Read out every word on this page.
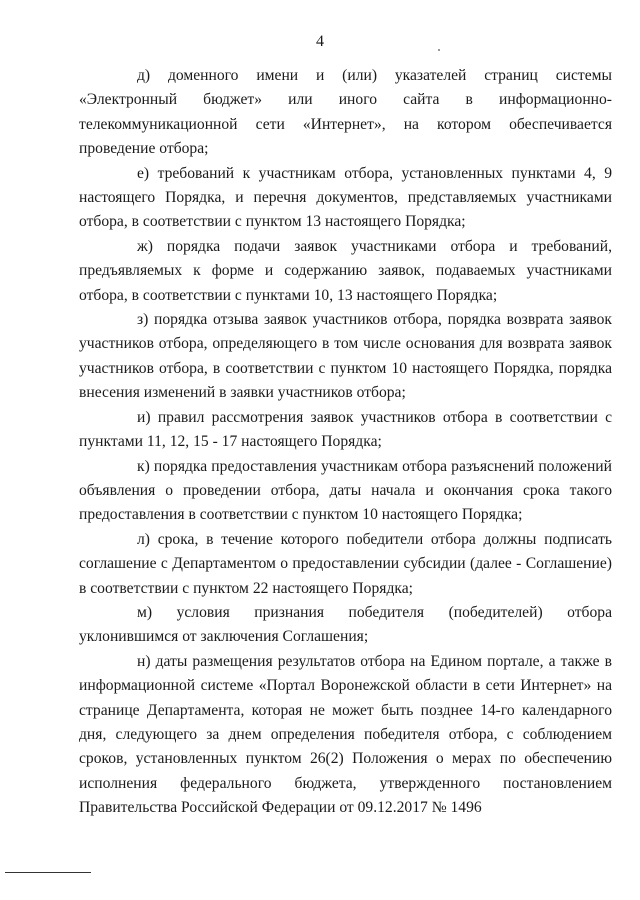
4

д) доменного имени и (или) указателей страниц системы «Электронный бюджет» или иного сайта в информационно-телекоммуникационной сети «Интернет», на котором обеспечивается проведение отбора;

е) требований к участникам отбора, установленных пунктами 4, 9 настоящего Порядка, и перечня документов, представляемых участниками отбора, в соответствии с пунктом 13 настоящего Порядка;

ж) порядка подачи заявок участниками отбора и требований, предъявляемых к форме и содержанию заявок, подаваемых участниками отбора, в соответствии с пунктами 10, 13 настоящего Порядка;

з) порядка отзыва заявок участников отбора, порядка возврата заявок участников отбора, определяющего в том числе основания для возврата заявок участников отбора, в соответствии с пунктом 10 настоящего Порядка, порядка внесения изменений в заявки участников отбора;

и) правил рассмотрения заявок участников отбора в соответствии с пунктами 11, 12, 15 - 17 настоящего Порядка;

к) порядка предоставления участникам отбора разъяснений положений объявления о проведении отбора, даты начала и окончания срока такого предоставления в соответствии с пунктом 10 настоящего Порядка;

л) срока, в течение которого победители отбора должны подписать соглашение с Департаментом о предоставлении субсидии (далее - Соглашение) в соответствии с пунктом 22 настоящего Порядка;

м) условия признания победителя (победителей) отбора уклонившимся от заключения Соглашения;

н) даты размещения результатов отбора на Едином портале, а также в информационной системе «Портал Воронежской области в сети Интернет» на странице Департамента, которая не может быть позднее 14-го календарного дня, следующего за днем определения победителя отбора, с соблюдением сроков, установленных пунктом 26(2) Положения о мерах по обеспечению исполнения федерального бюджета, утвержденного постановлением Правительства Российской Федерации от 09.12.2017 № 1496
